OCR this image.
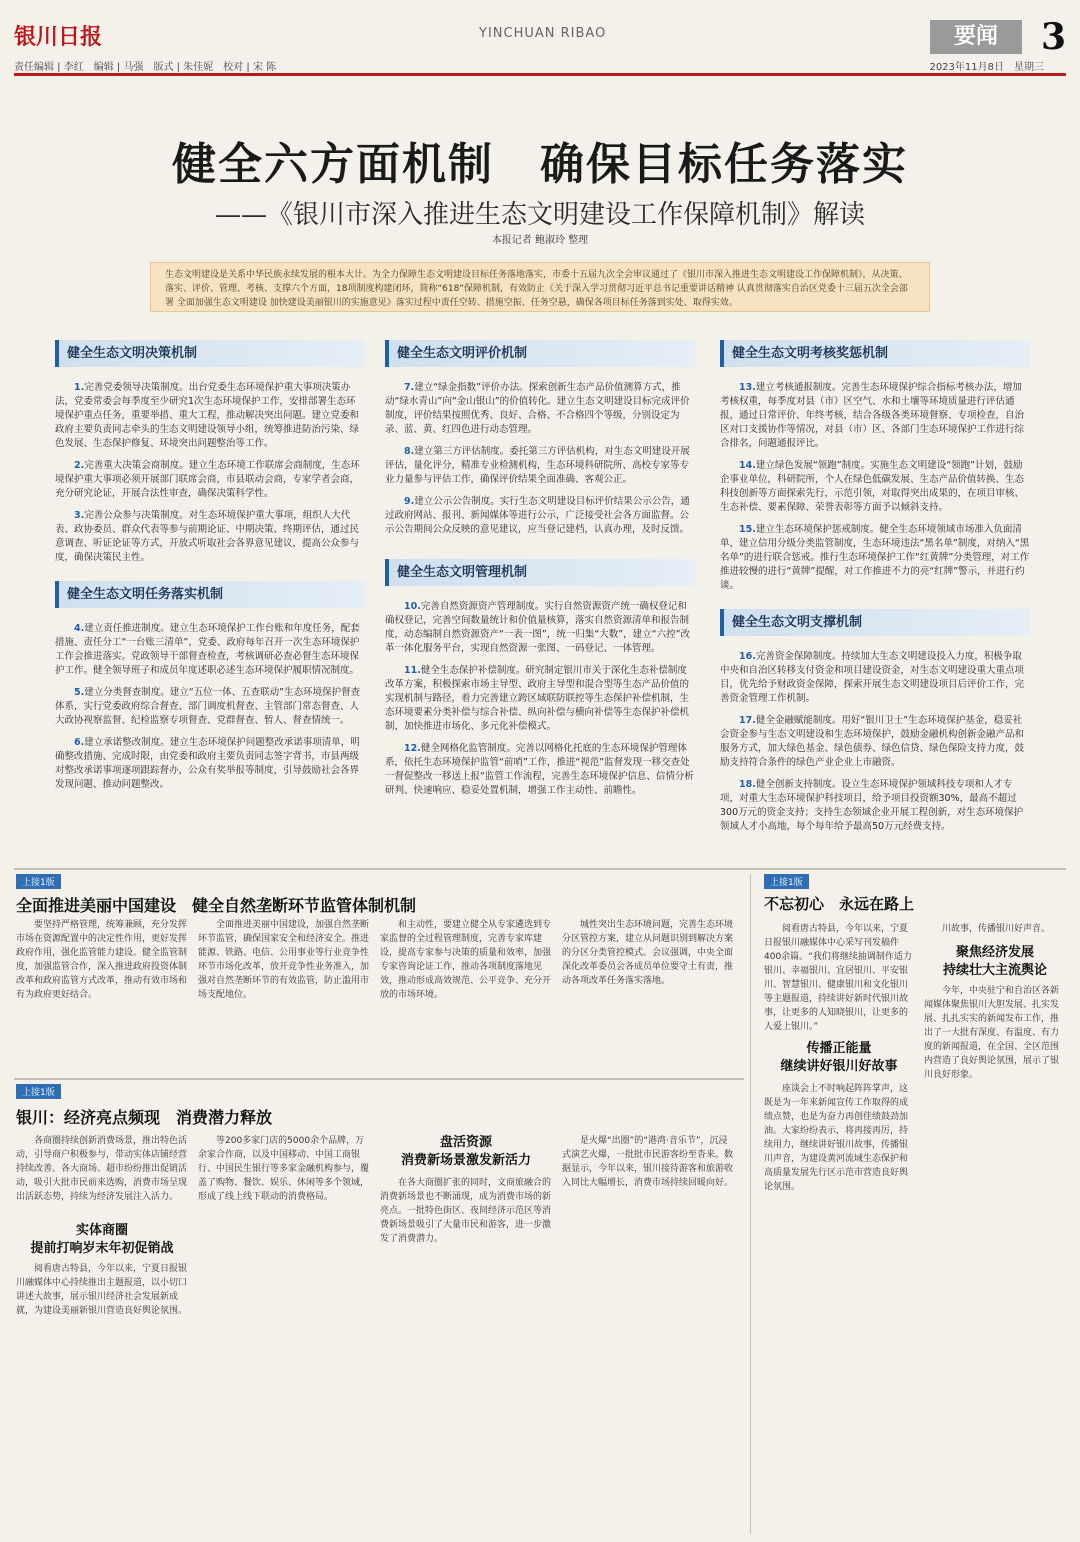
银川日报	YINCHUAN RIBAO	要闻	3
责任编辑 | 李红　编辑 | 马强　版式 | 朱佳妮　校对 | 宋 陈	2023年11月8日　星期三
健全六方面机制　确保目标任务落实
——《银川市深入推进生态文明建设工作保障机制》解读
本报记者 鲍淑玲 整理
生态文明建设是关系中华民族永续发展的根本大计。为全力保障生态文明建设目标任务落地落实，市委十五届九次全会审议通过了《银川市深入推进生态文明建设工作保障机制》，从决策、落实、评价、管理、考核、支撑六个方面，18项制度构建闭环，简称“618”保障机制，有效防止《关于深入学习贯彻习近平总书记重要讲话精神 认真贯彻落实自治区党委十三届五次全会部署 全面加强生态文明建设 加快建设美丽银川的实施意见》落实过程中责任空转、措施空振、任务空悬，确保各项目标任务落到实处、取得实效。
健全生态文明决策机制

1.完善党委领导决策制度。出台党委生态环境保护重大事项决策办法，党委常委会每季度至少研究1次生态环境保护工作，安排部署生态环境保护重点任务，重要举措、重大工程，推动解决突出问题。建立党委和政府主要负责同志牵头的生态文明建设领导小组，统筹推进防治污染、绿色发展、生态保护修复、环境突出问题整治等工作。

2.完善重大决策会商制度。建立生态环境工作联席会商制度，生态环境保护重大事项必须开展部门联席会商，市县联动会商，专家学者会商，充分研究论证，开展合法性审查，确保决策科学性。

3.完善公众参与决策制度。对生态环境保护重大事项，组织人大代表、政协委员、群众代表等参与前期论证、中期决策、终期评估，通过民意调查、听证论证等方式，开放式听取社会各界意见建议，提高公众参与度，确保决策民主性。

健全生态文明任务落实机制

4.建立责任推进制度。建立生态环境保护工作台账和年度任务，配套措施、责任分工“一台账三清单”，党委、政府每年召开一次生态环境保护工作会推进落实。党政领导干部督查检查，考核调研必查必督生态环境保护工作。健全领导班子和成员年度述职必述生态环境保护履职情况制度。

5.建立分类督查制度。建立“五位一体、五查联动”生态环境保护督查体系，实行党委政府综合督查、部门调度机督查、主管部门常态督查、人大政协视察监督、纪检监察专项督查、党群督查、暂人、督查情统一。

6.建立承诺整改制度。建立生态环境保护问题整改承诺事项清单，明确整改措施、完成时限，由党委和政府主要负责同志签字背书，市县两级对整改承诺事项逐项跟踪督办，公众有奖举报等制度，引导鼓励社会各界发现问题、推动问题整改。

健全生态文明评价机制

7.建立“绿金指数”评价办法。探索创新生态产品价值测算方式，推动“绿水青山”向“金山银山”的价值转化。建立生态文明建设目标完成评价制度，评价结果按照优秀、良好、合格、不合格四个等级，分别设定为录、蓝、黄、红四色进行动态管理。

8.建立第三方评估制度。委托第三方评估机构，对生态文明建设开展评估，量化评分，精准专业检测机构，生态环境科研院所、高校专家等专业力量参与评估工作，确保评价结果全面准确、客观公正。

9.建立公示公告制度。实行生态文明建设目标评价结果公示公告，通过政府网站、报刊、新闻媒体等进行公示，广泛接受社会各方面监督。公示公告期间公众反映的意见建议，应当登记建档，认真办理，及时反馈。

健全生态文明管理机制

10.完善自然资源资产管理制度。实行自然资源资产统一确权登记和确权登记，完善空间数量统计和价值量核算，落实自然资源清单和报告制度，动态编制自然资源资产“一表一图”，统一归集“大数”，建立“六控”改革一体化服务平台，实现自然资源一张图、一码登记、一体管理。

11.健全生态保护补偿制度。研究制定银川市关于深化生态补偿制度改革方案，积极探索市场主导型、政府主导型和混合型等生态产品价值的实现机制与路径，着力完善建立跨区域联防联控等生态保护补偿机制，生态环境要素分类补偿与综合补偿、纵向补偿与横向补偿等生态保护补偿机制，加快推进市场化、多元化补偿模式。

12.健全网格化监管制度。完善以网格化托底的生态环境保护管理体系，依托生态环境保护监管“前哨”工作，推进“视范”监督发现一移交查处一督促整改一移送上报“监管工作流程，完善生态环境保护信息、信情分析研判、快速响应、稳妥处置机制，增强工作主动性、前瞻性。

健全生态文明考核奖惩机制

13.建立考核通报制度。完善生态环境保护综合指标考核办法，增加考核权重，每季度对县（市）区空气、水和土壤等环境质量进行评估通报，通过日常评价、年终考核，结合各级各类环境督察、专项检查，自治区对口支援协作等情况，对县（市）区、各部门生态环境保护工作进行综合排名，问题通报评比。

14.建立绿色发展“领跑”制度。实施生态文明建设“领跑”计划，鼓励企事业单位，科研院所，个人在绿色低碳发展、生态产品价值转换、生态科技创新等方面探索先行，示范引领，对取得突出成果的，在项目审核、生态补偿、要素保障、荣誉表彰等方面予以倾斜支持。

15.建立生态环境保护惩戒制度。健全生态环境领域市场准入负面清单，建立信用分级分类监管制度，生态环境违法“黑名单”制度，对纳入“黑名单”的进行联合惩戒。推行生态环境保护工作“红黄牌”分类管理，对工作推进较慢的进行“黄牌”提醒，对工作推进不力的亮“红牌”警示，并进行约谈。

健全生态文明支撑机制

16.完善资金保障制度。持续加大生态文明建设投入力度，积极争取中央和自治区转移支付资金和项目建设资金，对生态文明建设重大重点项目，优先给予财政资金保障，探索开展生态文明建设项目后评价工作，完善资金管理工作机制。

17.健全金融赋能制度。用好“银川卫士”生态环境保护基金，稳妥社会资金参与生态文明建设和生态环境保护，鼓励金融机构创新金融产品和服务方式，加大绿色基金、绿色债券、绿色信贷、绿色保险支持力度，鼓励支持符合条件的绿色产业企业上市融资。

18.健全创新支持制度。设立生态环境保护领域科技专项和人才专项，对重大生态环境保护科技项目，给予项目投资额30%，最高不超过300万元的资金支持；支持生态领域企业开展工程创新，对生态环境保护领域人才小高地，每个每年给予最高50万元经费支持。

上接1版
全面推进美丽中国建设　健全自然垄断环节监管体制机制
要坚持严格管理，统筹兼顾，充分发挥市场在资源配置中的决定性作用，更好发挥政府作用，强化监管能力建设。健全监管制度，加强监管合作，深入推进政府投资体制改革和政府监管方式改革，推动有效市场和有为政府更好结合。
全面推进美丽中国建设，加强自然垄断环节监管，确保国家安全和经济安全。推进能源、铁路、电信、公用事业等行业竞争性环节市场化改革，放开竞争性业务准入，加强对自然垄断环节的有效监管，防止滥用市场支配地位。
和主动性，要建立健全从专家遴选到专家监督的全过程管理制度，完善专家库建设，提高专家参与决策的质量和效率，加强专家咨询论证工作，推动各项制度落地见效，推动形成高效规范、公平竞争、充分开放的市场环境。
城性突出生态环境问题，完善生态环境分区管控方案，建立从问题识别到解决方案的分区分类管控模式。会议强调，中央全面深化改革委员会各成员单位要守土有责，推动各项改革任务落实落地。
上接1版
不忘初心　永远在路上
阅看唐古特县，今年以来，宁夏日报银川融媒体中心采写刊发稿件400余篇。“我们将继续抽调制作适力银川、幸福银川、宜居银川、平安银川、智慧银川、健康银川和文化银川等主题报道，持续讲好新时代银川故事，让更多的人知晓银川，让更多的人爱上银川。”
川故事，传播银川好声音。
传播正能量
继续讲好银川好故事
座谈会上不时响起阵阵掌声，这既是为一年来新闻宣传工作取得的成绩点赞，也是为奋力再创佳绩鼓劲加油。大家纷纷表示，将再接再厉，持续用力，继续讲好银川故事，传播银川声音，为建设黄河流域生态保护和高质量发展先行区示范市营造良好舆论氛围。
聚焦经济发展
持续壮大主流舆论
今年，中央驻宁和自治区各新闻媒体聚焦银川大胆发展、扎实发展、扎扎实实的新闻发布工作，推出了一大批有深度、有温度、有力度的新闻报道，在全国、全区范围内营造了良好舆论氛围，展示了银川良好形象。
上接1版
银川：经济亮点频现　消费潜力释放
各商圈持续创新消费场景，推出特色活动，引导商户积极参与，带动实体店铺经营持续改善。各大商场、超市纷纷推出促销活动，吸引大批市民前来选购，消费市场呈现出活跃态势，持续为经济发展注入活力。
实体商圈
提前打响岁末年初促销战
阅看唐古特县，今年以来，宁夏日报银川融媒体中心持续推出主题报道，以小切口讲述大故事，展示银川经济社会发展新成就，为建设美丽新银川营造良好舆论氛围。
等200多家门店的5000余个品牌，万余家合作商，以及中国移动、中国工商银行、中国民生银行等多家金融机构参与，覆盖了购物、餐饮、娱乐、休闲等多个领域，形成了线上线下联动的消费格局。
盘活资源
消费新场景激发新活力
在各大商圈扩张的同时，文商旅融合的消费新场景也不断涌现，成为消费市场的新亮点。一批特色街区、夜间经济示范区等消费新场景吸引了大量市民和游客，进一步激发了消费潜力。
是火爆“出圈”的“港湾·音乐节”，沉浸式演艺火爆，一批批市民游客纷至沓来。数据显示，今年以来，银川接待游客和旅游收入同比大幅增长，消费市场持续回暖向好。
